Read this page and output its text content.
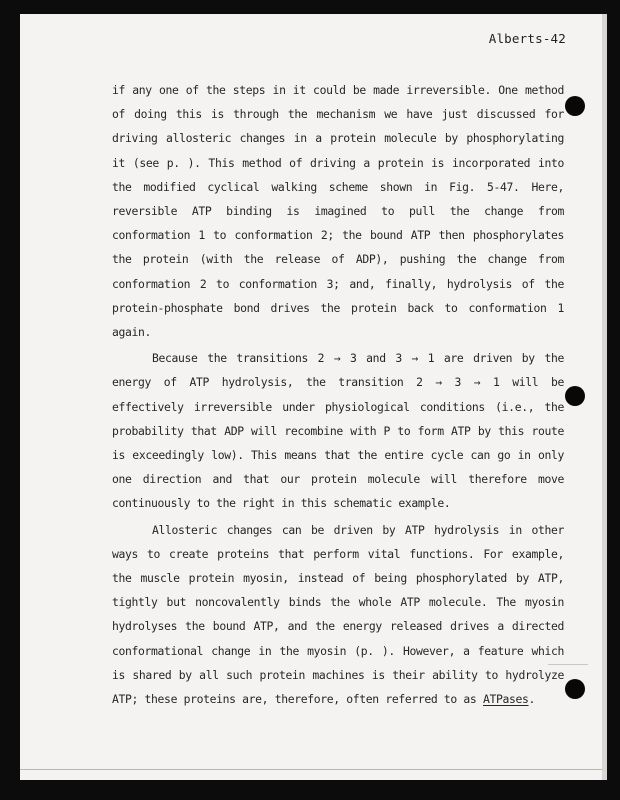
Alberts-42

if any one of the steps in it could be made irreversible. One method of doing this is through the mechanism we have just discussed for driving allosteric changes in a protein molecule by phosphorylating it (see p. ). This method of driving a protein is incorporated into the modified cyclical walking scheme shown in Fig. 5-47. Here, reversible ATP binding is imagined to pull the change from conformation 1 to conformation 2; the bound ATP then phosphorylates the protein (with the release of ADP), pushing the change from conformation 2 to conformation 3; and, finally, hydrolysis of the protein-phosphate bond drives the protein back to conformation 1 again.

Because the transitions 2 → 3 and 3 → 1 are driven by the energy of ATP hydrolysis, the transition 2 → 3 → 1 will be effectively irreversible under physiological conditions (i.e., the probability that ADP will recombine with P to form ATP by this route is exceedingly low). This means that the entire cycle can go in only one direction and that our protein molecule will therefore move continuously to the right in this schematic example.

Allosteric changes can be driven by ATP hydrolysis in other ways to create proteins that perform vital functions. For example, the muscle protein myosin, instead of being phosphorylated by ATP, tightly but noncovalently binds the whole ATP molecule. The myosin hydrolyses the bound ATP, and the energy released drives a directed conformational change in the myosin (p. ). However, a feature which is shared by all such protein machines is their ability to hydrolyze ATP; these proteins are, therefore, often referred to as ATPases.
